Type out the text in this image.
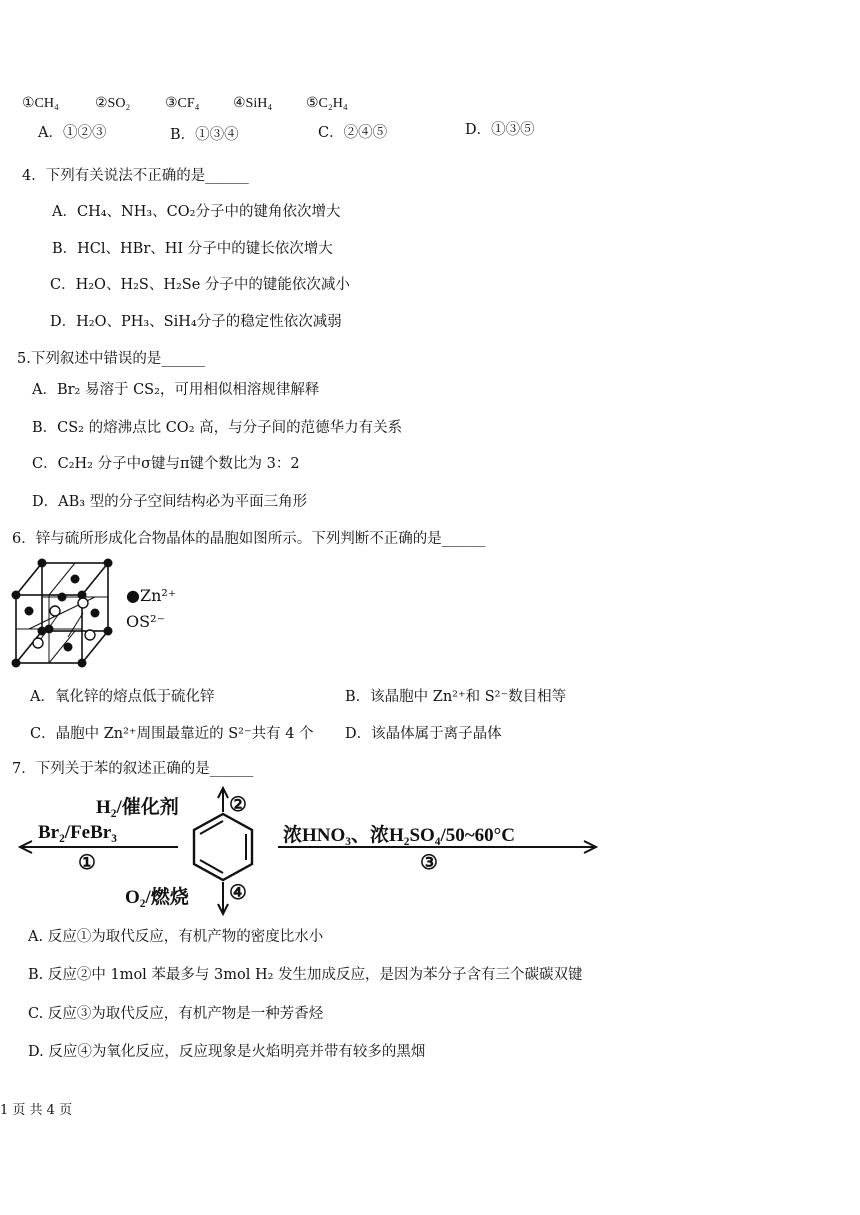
①CH₄	②SO₂ ③CF₄ ④SiH₄ ⑤C₂H₄
A．①②③	B．①③④	C．②④⑤	D．①③⑤
4．下列有关说法不正确的是______
A．CH₄、NH₃、CO₂分子中的键角依次增大
B．HCl、HBr、HI 分子中的键长依次增大
C．H₂O、H₂S、H₂Se 分子中的键能依次减小
D．H₂O、PH₃、SiH₄分子的稳定性依次减弱
5.下列叙述中错误的是______
A．Br₂ 易溶于 CS₂，可用相似相溶规律解释
B．CS₂ 的熔沸点比 CO₂ 高，与分子间的范德华力有关系
C．C₂H₂ 分子中σ键与π键个数比为 3：2
D．AB₃ 型的分子空间结构必为平面三角形
6．锌与硫所形成化合物晶体的晶胞如图所示。下列判断不正确的是______
●Zn²⁺
OS²⁻
A．氧化锌的熔点低于硫化锌	B．该晶胞中 Zn²⁺和 S²⁻数目相等
C．晶胞中 Zn²⁺周围最靠近的 S²⁻共有 4 个 D．该晶体属于离子晶体
7．下列关于苯的叙述正确的是______
Br₂/FeBr₃
①
H₂/催化剂	②
浓HNO₃、浓H₂SO₄/50~60°C
③
O₂/燃烧 ④
A. 反应①为取代反应，有机产物的密度比水小
B. 反应②中 1mol 苯最多与 3mol H₂ 发生加成反应，是因为苯分子含有三个碳碳双键
C. 反应③为取代反应，有机产物是一种芳香烃
D. 反应④为氧化反应，反应现象是火焰明亮并带有较多的黑烟
1 页 共 4 页
